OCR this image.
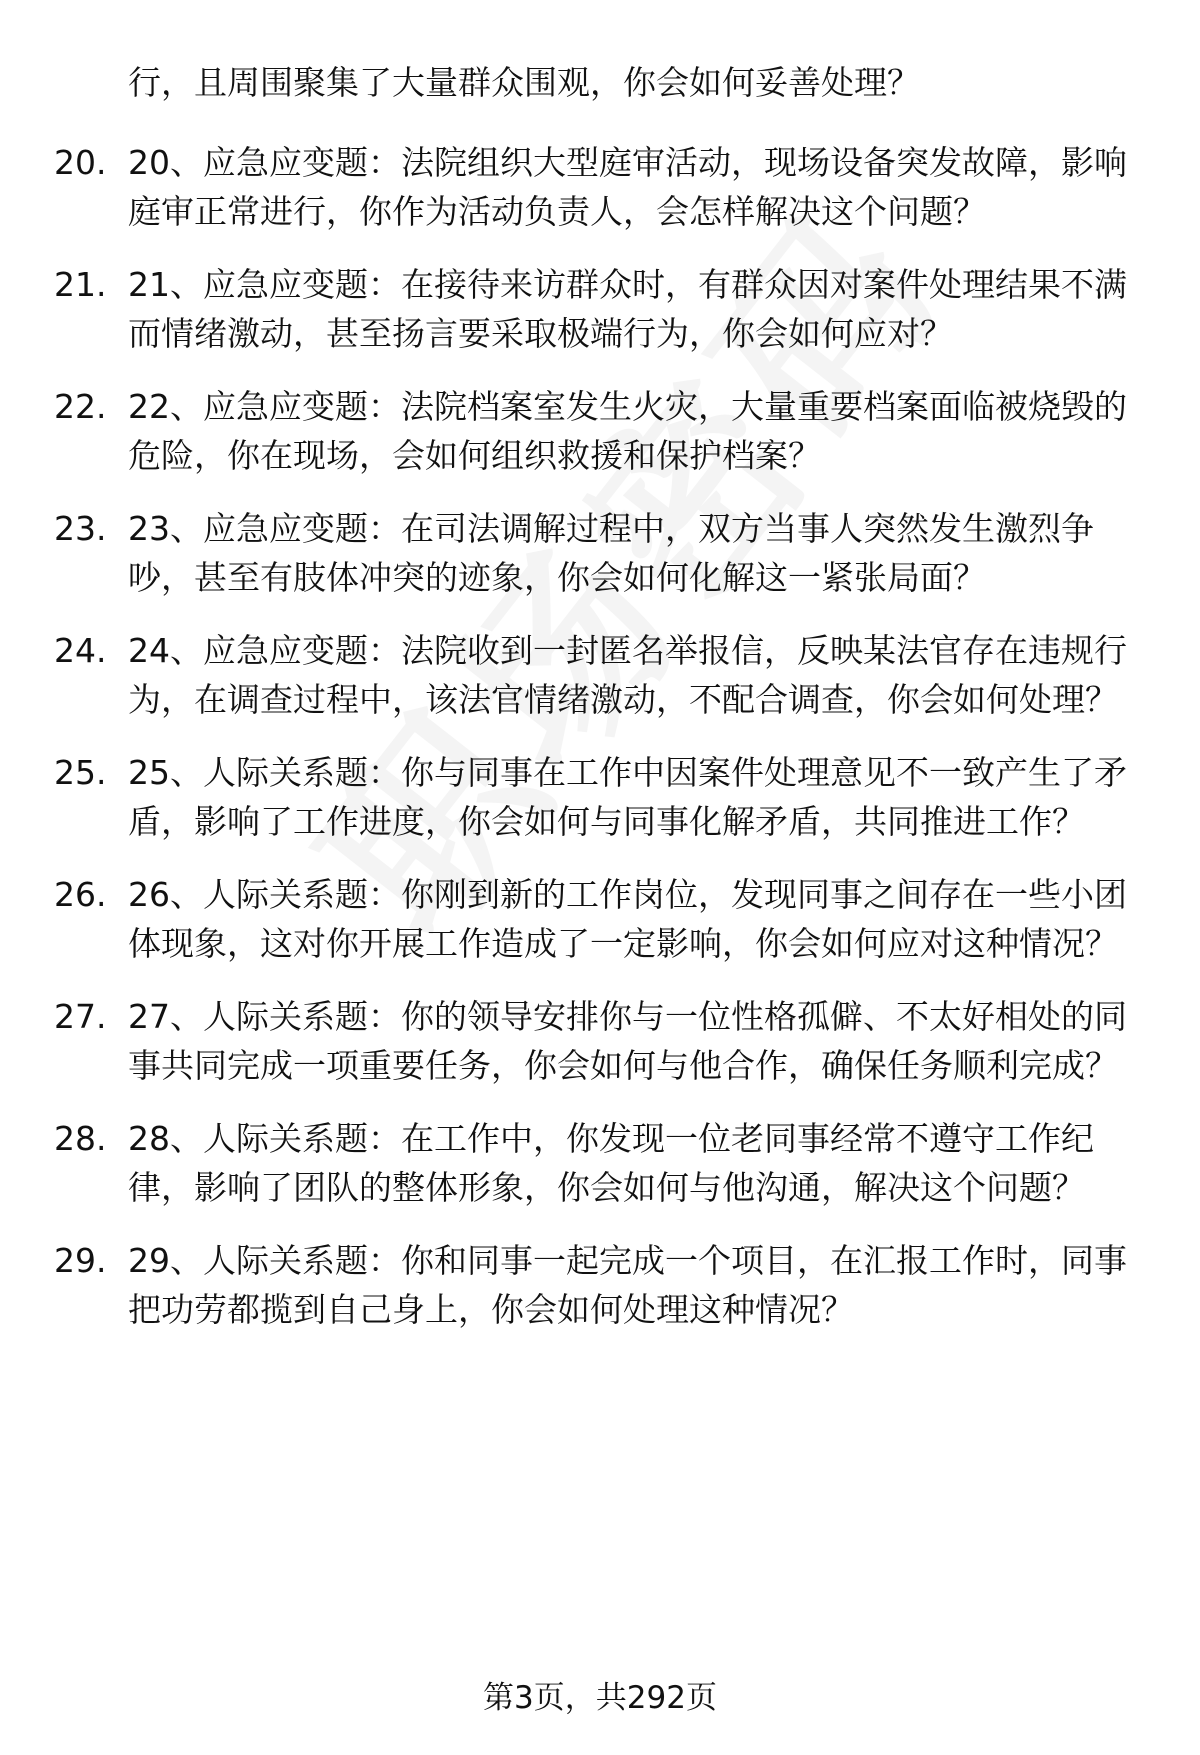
行，且周围聚集了大量群众围观，你会如何妥善处理？
20. 20、应急应变题：法院组织大型庭审活动，现场设备突发故障，影响庭审正常进行，你作为活动负责人，会怎样解决这个问题？
21. 21、应急应变题：在接待来访群众时，有群众因对案件处理结果不满而情绪激动，甚至扬言要采取极端行为，你会如何应对？
22. 22、应急应变题：法院档案室发生火灾，大量重要档案面临被烧毁的危险，你在现场，会如何组织救援和保护档案？
23. 23、应急应变题：在司法调解过程中，双方当事人突然发生激烈争吵，甚至有肢体冲突的迹象，你会如何化解这一紧张局面？
24. 24、应急应变题：法院收到一封匿名举报信，反映某法官存在违规行为，在调查过程中，该法官情绪激动，不配合调查，你会如何处理？
25. 25、人际关系题：你与同事在工作中因案件处理意见不一致产生了矛盾，影响了工作进度，你会如何与同事化解矛盾，共同推进工作？
26. 26、人际关系题：你刚到新的工作岗位，发现同事之间存在一些小团体现象，这对你开展工作造成了一定影响，你会如何应对这种情况？
27. 27、人际关系题：你的领导安排你与一位性格孤僻、不太好相处的同事共同完成一项重要任务，你会如何与他合作，确保任务顺利完成？
28. 28、人际关系题：在工作中，你发现一位老同事经常不遵守工作纪律，影响了团队的整体形象，你会如何与他沟通，解决这个问题？
29. 29、人际关系题：你和同事一起完成一个项目，在汇报工作时，同事把功劳都揽到自己身上，你会如何处理这种情况？
第3页，共292页
